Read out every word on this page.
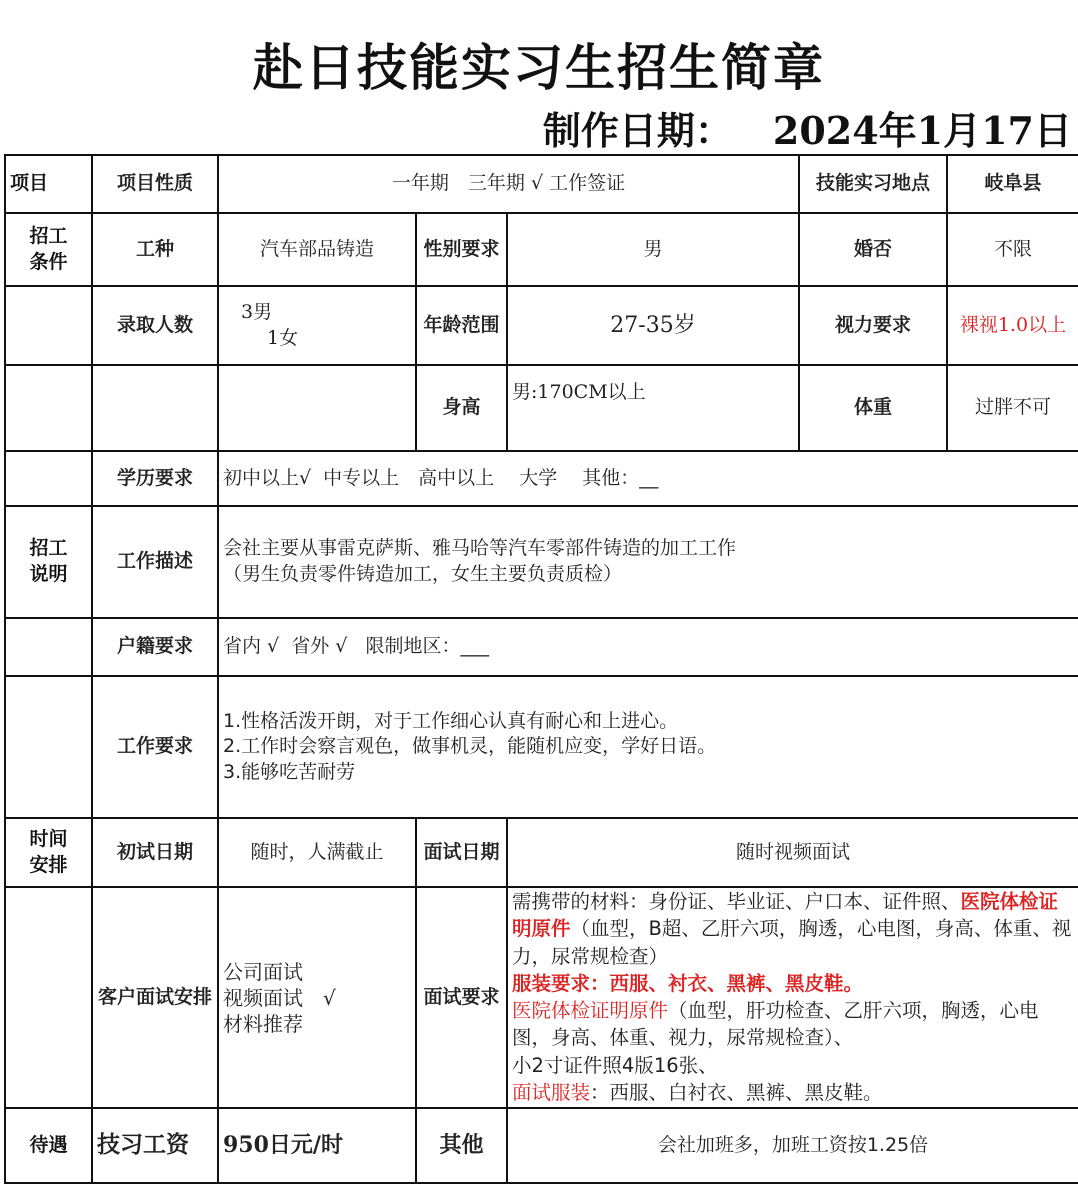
赴日技能实习生招生简章
制作日期： 2024年1月17日
项目	项目性质	一年期　三年期 √ 工作签证			技能实习地点	岐阜县

招工
条件	工种	汽车部品铸造	性别要求	男	婚否	不限
	录取人数	3男
1女	年龄范围	27-35岁	视力要求	裸视1.0以上
			身高	男:170CM以上	体重	过胖不可
	学历要求	初中以上√  中专以上　高中以上　 大学　 其他：__				

招工
说明	工作描述	会社主要从事雷克萨斯、雅马哈等汽车零部件铸造的加工工作
（男生负责零件铸造加工，女生主要负责质检）				

	户籍要求	省内 √  省外 √   限制地区：___				
	工作要求	1.性格活泼开朗，对于工作细心认真有耐心和上进心。
2.工作时会察言观色，做事机灵，能随机应变，学好日语。
3.能够吃苦耐劳				

时间
安排	初试日期	随时，人满截止	面试日期	随时视频面试		
	客户面试安排	公司面试
视频面试　√
材料推荐	面试要求	需携带的材料：身份证、毕业证、户口本、证件照、医院体检证明原件（血型，B超、乙肝六项，胸透，心电图，身高、体重、视力，尿常规检查）
服装要求：西服、衬衣、黑裤、黑皮鞋。
医院体检证明原件（血型，肝功检查、乙肝六项，胸透，心电图，身高、体重、视力，尿常规检查）、
小2寸证件照4版16张、
面试服装：西服、白衬衣、黑裤、黑皮鞋。		
待遇	技习工资	950日元/时	其他	会社加班多，加班工资按1.25倍		
